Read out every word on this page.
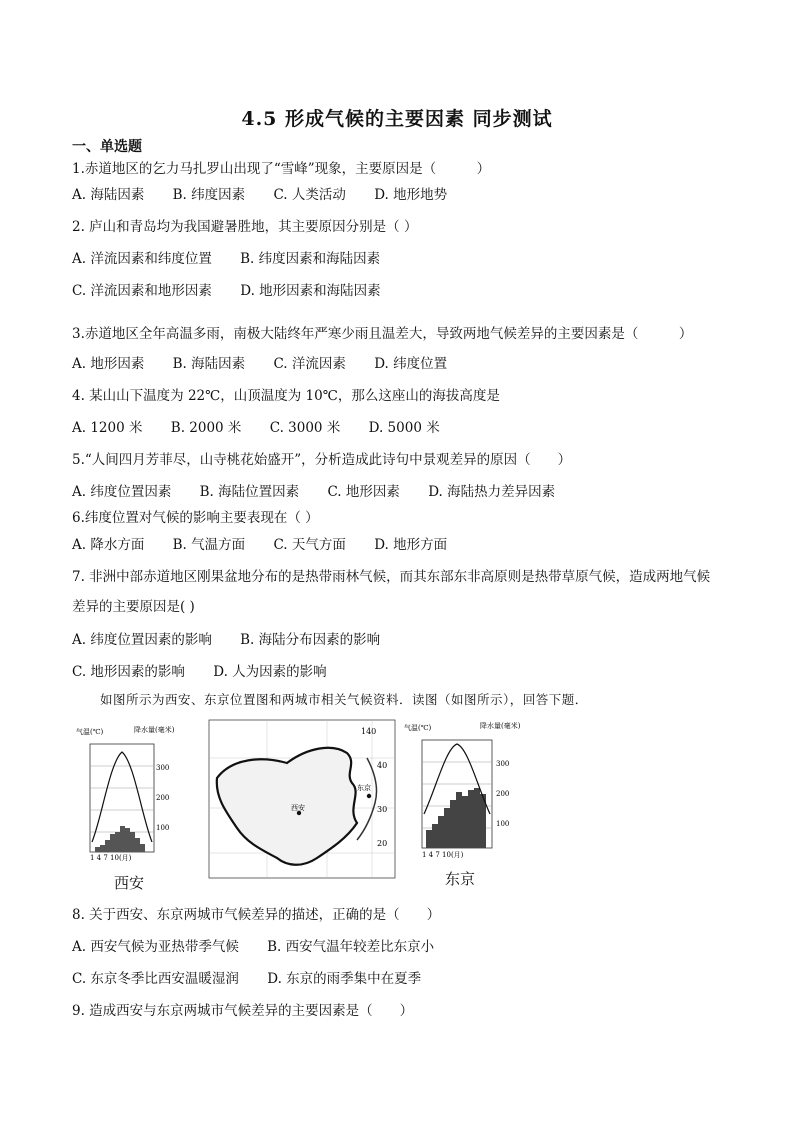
4.5 形成气候的主要因素 同步测试
一、单选题
1.赤道地区的乞力马扎罗山出现了“雪峰”现象，主要原因是（　　　）
A. 海陆因素 B. 纬度因素 C. 人类活动 D. 地形地势
2. 庐山和青岛均为我国避暑胜地，其主要原因分别是（ ）
A. 洋流因素和纬度位置 B. 纬度因素和海陆因素
C. 洋流因素和地形因素 D. 地形因素和海陆因素
3.赤道地区全年高温多雨，南极大陆终年严寒少雨且温差大，导致两地气候差异的主要因素是（　　　）
A. 地形因素 B. 海陆因素 C. 洋流因素 D. 纬度位置
4. 某山山下温度为 22℃，山顶温度为 10℃，那么这座山的海拔高度是
A. 1200 米 B. 2000 米 C. 3000 米 D. 5000 米
5.“人间四月芳菲尽，山寺桃花始盛开”，分析造成此诗句中景观差异的原因（　　）
A. 纬度位置因素 B. 海陆位置因素 C. 地形因素 D. 海陆热力差异因素
6.纬度位置对气候的影响主要表现在（ ）
A. 降水方面 B. 气温方面 C. 天气方面 D. 地形方面
7. 非洲中部赤道地区刚果盆地分布的是热带雨林气候，而其东部东非高原则是热带草原气候，造成两地气候
差异的主要原因是( )
A. 纬度位置因素的影响 B. 海陆分布因素的影响
C. 地形因素的影响 D. 人为因素的影响
如图所示为西安、东京位置图和两城市相关气候资料．读图（如图所示），回答下题．
气温(℃)	降水量(毫米)
300
200
100
1 4 7 10(月)
西安
西安
东京
40
30
20
140	气温(℃)	降水量(毫米)
300
200
100
1 4 7 10(月)
东京
8. 关于西安、东京两城市气候差异的描述，正确的是（　　）
A. 西安气候为亚热带季气候 B. 西安气温年较差比东京小
C. 东京冬季比西安温暖湿润 D. 东京的雨季集中在夏季
9. 造成西安与东京两城市气候差异的主要因素是（　　）
